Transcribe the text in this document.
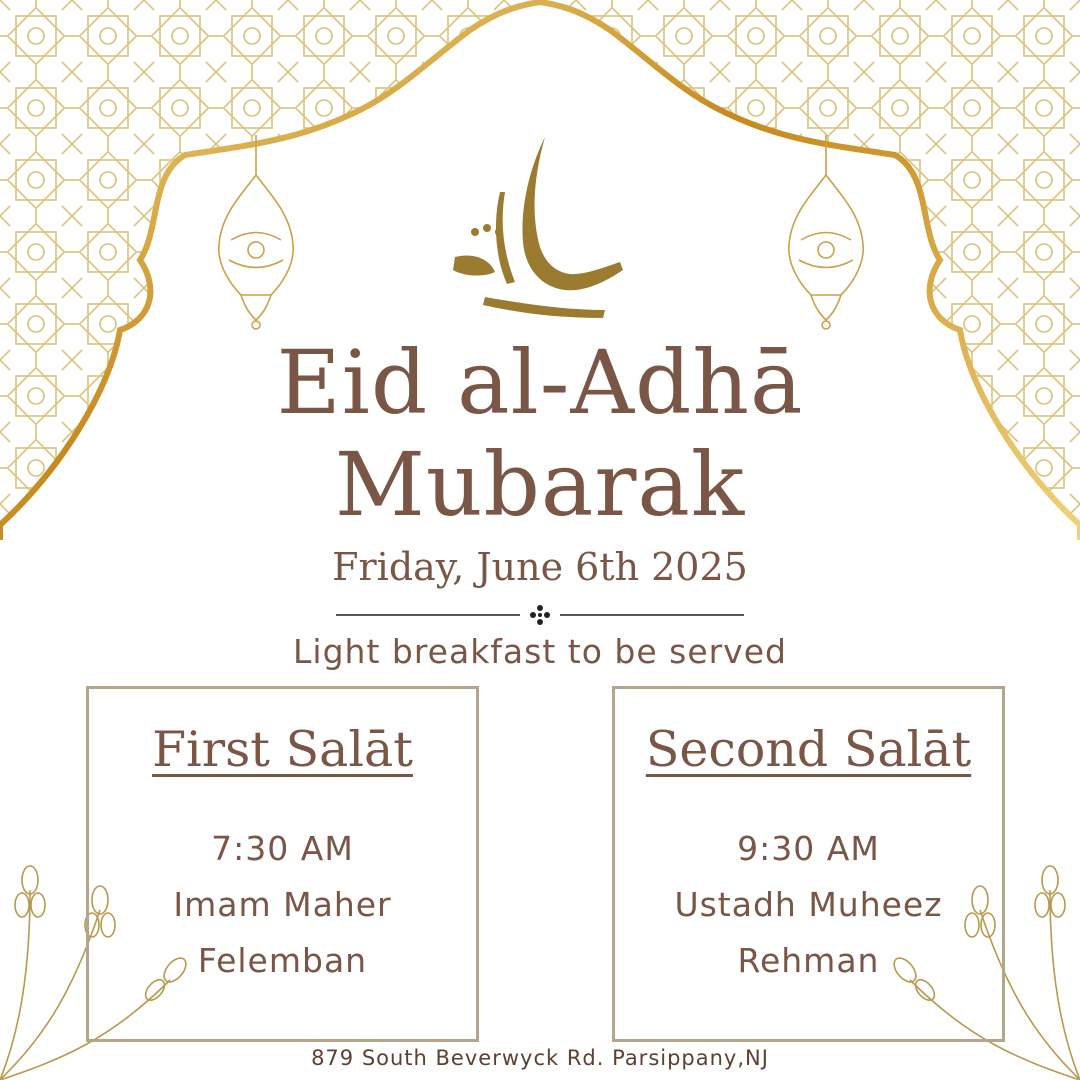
Eid al-Adhā
Mubarak
Friday, June 6th 2025
Light breakfast to be served
First Salāt
7:30 AM
Imam Maher
Felemban
Second Salāt
9:30 AM
Ustadh Muheez
Rehman
879 South Beverwyck Rd. Parsippany,NJ
